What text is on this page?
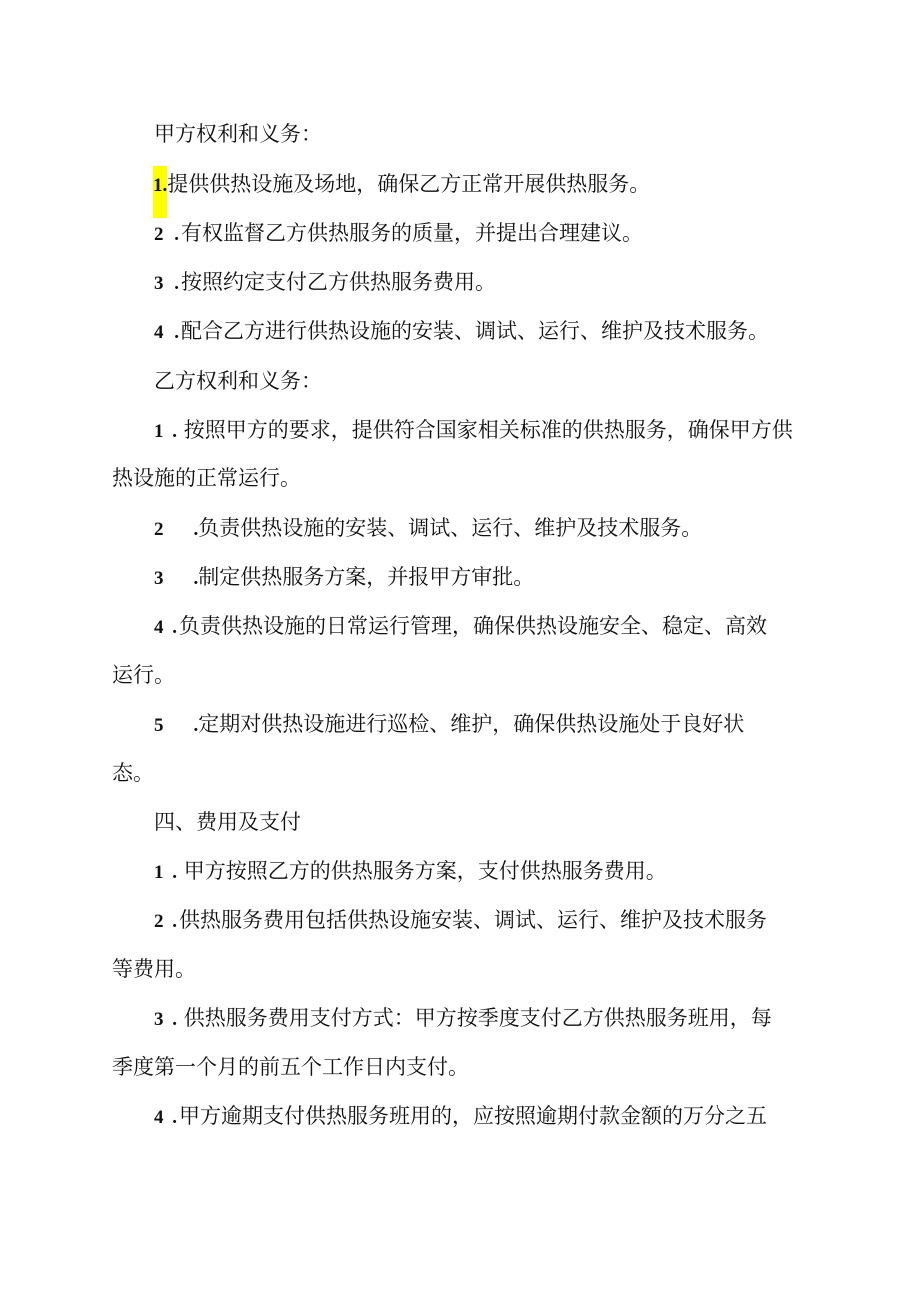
甲方权利和义务：
1.提供供热设施及场地，确保乙方正常开展供热服务。
2 .有权监督乙方供热服务的质量，并提出合理建议。
3 .按照约定支付乙方供热服务费用。
4 .配合乙方进行供热设施的安装、调试、运行、维护及技术服务。
乙方权利和义务：
1 . 按照甲方的要求，提供符合国家相关标准的供热服务，确保甲方供
热设施的正常运行。
2 .负责供热设施的安装、调试、运行、维护及技术服务。
3 .制定供热服务方案，并报甲方审批。
4 .负责供热设施的日常运行管理，确保供热设施安全、稳定、高效
运行。
5 .定期对供热设施进行巡检、维护，确保供热设施处于良好状
态。
四、费用及支付
1 . 甲方按照乙方的供热服务方案，支付供热服务费用。
2 .供热服务费用包括供热设施安装、调试、运行、维护及技术服务
等费用。
3 . 供热服务费用支付方式：甲方按季度支付乙方供热服务班用，每
季度第一个月的前五个工作日内支付。
4 .甲方逾期支付供热服务班用的，应按照逾期付款金额的万分之五
